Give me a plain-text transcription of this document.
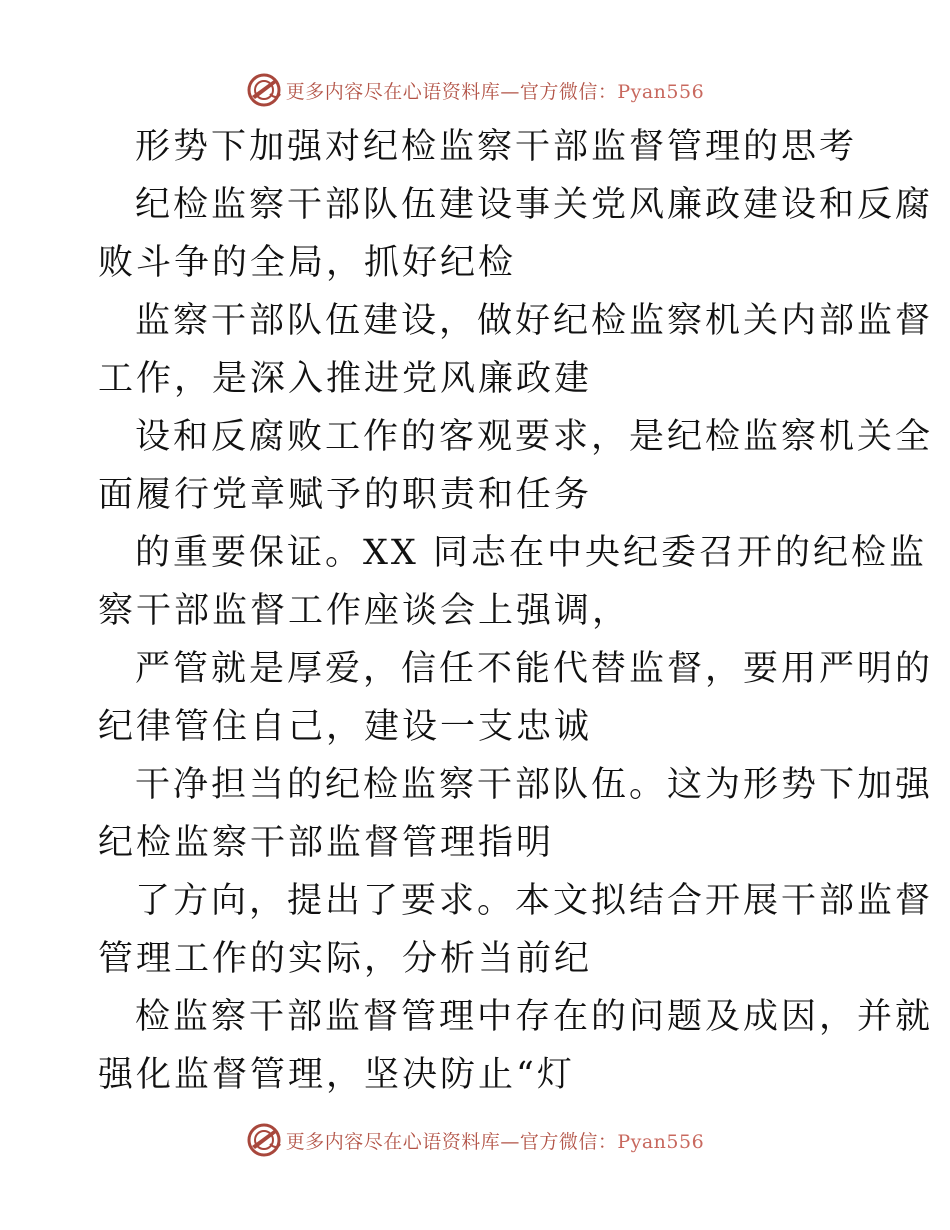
更多内容尽在心语资料库—官方微信：Pyan556
形势下加强对纪检监察干部监督管理的思考
纪检监察干部队伍建设事关党风廉政建设和反腐
败斗争的全局，抓好纪检
监察干部队伍建设，做好纪检监察机关内部监督
工作，是深入推进党风廉政建
设和反腐败工作的客观要求，是纪检监察机关全
面履行党章赋予的职责和任务
的重要保证。XX 同志在中央纪委召开的纪检监
察干部监督工作座谈会上强调，
严管就是厚爱，信任不能代替监督，要用严明的
纪律管住自己，建设一支忠诚
干净担当的纪检监察干部队伍。这为形势下加强
纪检监察干部监督管理指明
了方向，提出了要求。本文拟结合开展干部监督
管理工作的实际，分析当前纪
检监察干部监督管理中存在的问题及成因，并就
强化监督管理，坚决防止“灯
更多内容尽在心语资料库—官方微信：Pyan556
